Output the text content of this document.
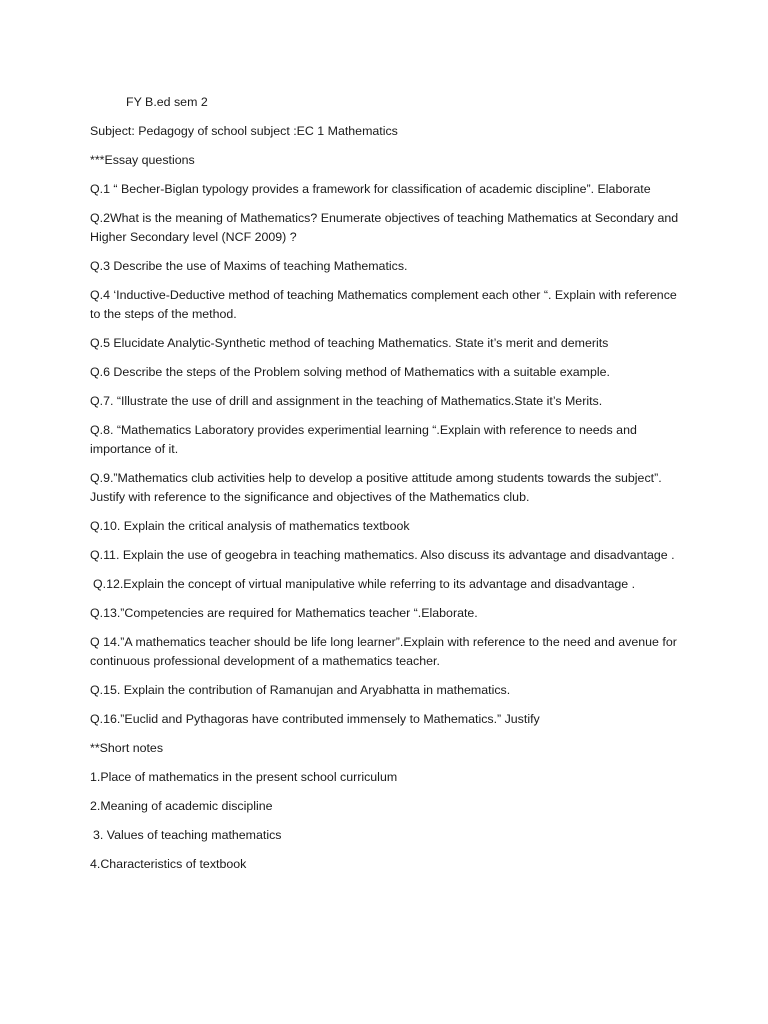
FY B.ed sem 2

Subject: Pedagogy of school subject :EC 1 Mathematics

***Essay questions

Q.1 “ Becher-Biglan typology provides a framework for classification of academic discipline”. Elaborate

Q.2What is the meaning of Mathematics? Enumerate objectives of teaching Mathematics at Secondary and Higher Secondary level (NCF 2009) ?

Q.3 Describe the use of Maxims of teaching Mathematics.

Q.4 ‘Inductive-Deductive method of teaching Mathematics complement each other “. Explain with reference to the steps of the method.

Q.5 Elucidate Analytic-Synthetic method of teaching Mathematics. State it’s merit and demerits

Q.6 Describe the steps of the Problem solving method of Mathematics with a suitable example.

Q.7. “Illustrate the use of drill and assignment in the teaching of Mathematics.State it’s Merits.

Q.8. “Mathematics Laboratory provides experimential learning “.Explain with reference to needs and importance of it.

Q.9.”Mathematics club activities help to develop a positive attitude among students towards the subject”. Justify with reference to the significance and objectives of the Mathematics club.

Q.10. Explain the critical analysis of mathematics textbook

Q.11. Explain the use of geogebra in teaching mathematics. Also discuss its advantage and disadvantage .

Q.12.Explain the concept of virtual manipulative while referring to its advantage and disadvantage .

Q.13.”Competencies are required for Mathematics teacher “.Elaborate.

Q 14.”A mathematics teacher should be life long learner”.Explain with reference to the need and avenue for continuous professional development of a mathematics teacher.

Q.15. Explain the contribution of Ramanujan and Aryabhatta in mathematics.

Q.16.”Euclid and Pythagoras have contributed immensely to Mathematics.” Justify

**Short notes

1.Place of mathematics in the present school curriculum

2.Meaning of academic discipline

3. Values of teaching mathematics

4.Characteristics of textbook
